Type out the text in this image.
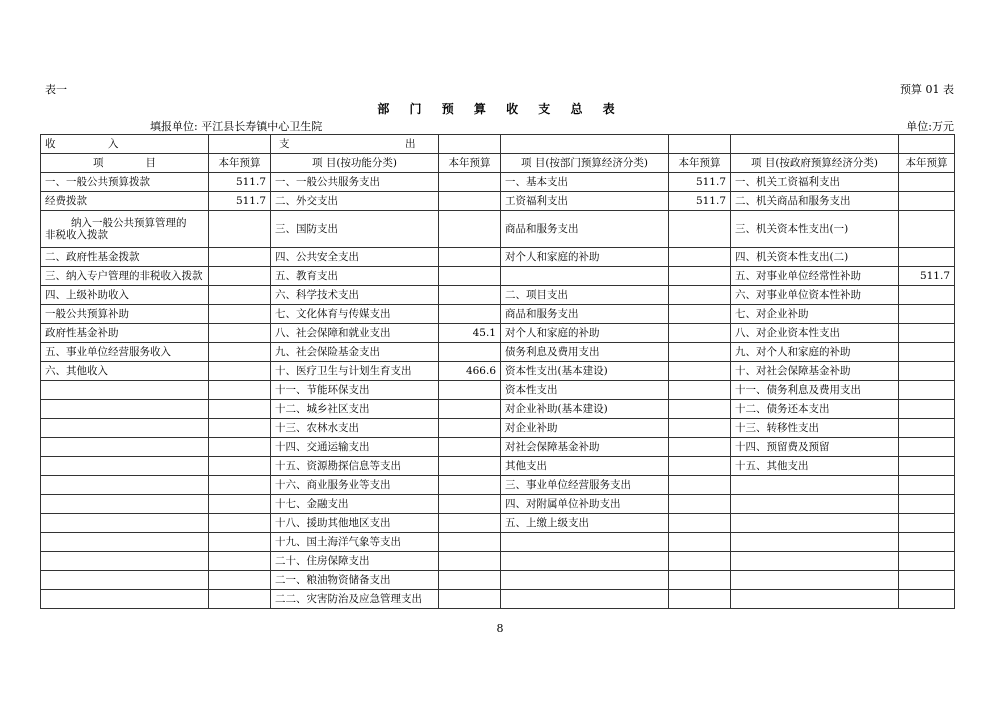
表一	预算 01 表
部 门 预 算 收 支 总 表
填报单位: 平江县长寿镇中心卫生院	单位:万元
收　　　　　入		支　　　　　　　　　　　出					
项　　　　目	本年预算	项 目(按功能分类)	本年预算	项 目(按部门预算经济分类)	本年预算	项 目(按政府预算经济分类)	本年预算
一、一般公共预算拨款	511.7	一、一般公共服务支出		一、基本支出	511.7	一、机关工资福利支出	
经费拨款	511.7	二、外交支出		工资福利支出	511.7	二、机关商品和服务支出	

纳入一般公共预算管理的
非税收入拨款		三、国防支出		商品和服务支出		三、机关资本性支出(一)	
二、政府性基金拨款		四、公共安全支出		对个人和家庭的补助		四、机关资本性支出(二)	
三、纳入专户管理的非税收入拨款		五、教育支出				五、对事业单位经常性补助	511.7
四、上级补助收入		六、科学技术支出		二、项目支出		六、对事业单位资本性补助	
一般公共预算补助		七、文化体育与传媒支出		商品和服务支出		七、对企业补助	
政府性基金补助		八、社会保障和就业支出	45.1	对个人和家庭的补助		八、对企业资本性支出	
五、事业单位经营服务收入		九、社会保险基金支出		债务利息及费用支出		九、对个人和家庭的补助	
六、其他收入		十、医疗卫生与计划生育支出	466.6	资本性支出(基本建设)		十、对社会保障基金补助	
		十一、节能环保支出		资本性支出		十一、债务利息及费用支出	
		十二、城乡社区支出		对企业补助(基本建设)		十二、债务还本支出	
		十三、农林水支出		对企业补助		十三、转移性支出	
		十四、交通运输支出		对社会保障基金补助		十四、预留费及预留	
		十五、资源勘探信息等支出		其他支出		十五、其他支出	
		十六、商业服务业等支出		三、事业单位经营服务支出			
		十七、金融支出		四、对附属单位补助支出			
		十八、援助其他地区支出		五、上缴上级支出			
		十九、国土海洋气象等支出					
		二十、住房保障支出					
		二一、粮油物资储备支出					
		二二、灾害防治及应急管理支出					
8
